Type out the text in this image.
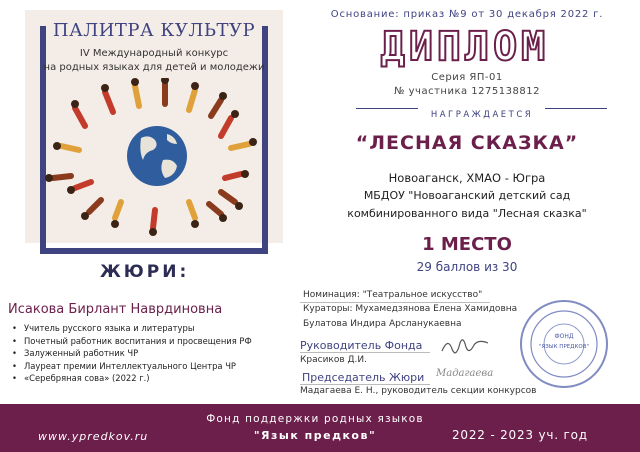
ПАЛИТРА КУЛЬТУР
IV Международный конкурс
на родных языках для детей и молодежи
ЖЮРИ:
Исакова Бирлант Наврдиновна
• Учитель русского языка и литературы
• Почетный работник воспитания и просвещения РФ
• Залуженный работник ЧР
• Лауреат премии Интеллектуального Центра ЧР
• «Серебряная сова» (2022 г.)
Основание: приказ №9 от 30 декабря 2022 г.
ДИПЛОМ
Серия ЯП-01
№ участника 1275138812
НАГРАЖДАЕТСЯ
“ЛЕСНАЯ СКАЗКА”
Новоаганск, ХМАО - Югра
МБДОУ "Новоаганский детский сад
комбинированного вида "Лесная сказка"
1 МЕСТО
29 баллов из 30
Номинация: "Театральное искусство"
Кураторы: Мухамедзянова Елена Хамидовна
Булатова Индира Арсланукаевна
Руководитель Фонда
Красиков Д.И.
Председатель Жюри Мадагаева
Мадагаева Е. Н., руководитель секции конкурсов
ФОНД
"ЯЗЫК ПРЕДКОВ"
Фонд поддержки родных языков
"Язык предков"
www.ypredkov.ru	2022 - 2023 уч. год
